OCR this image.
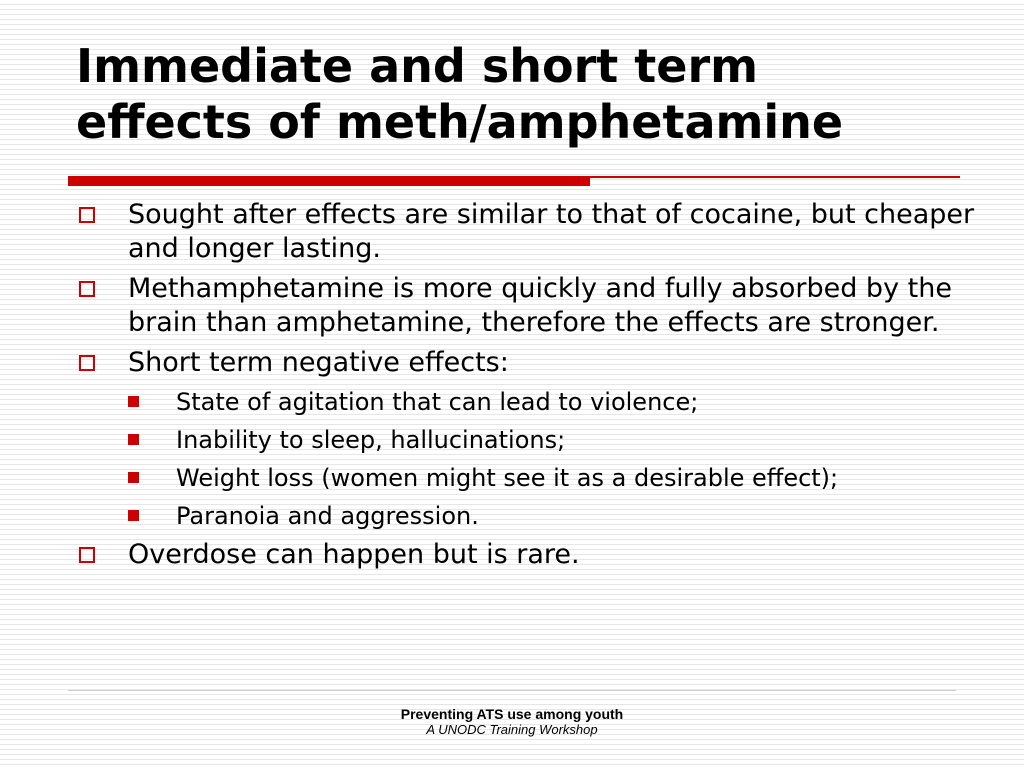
Immediate and short term
effects of meth/amphetamine
Sought after effects are similar to that of cocaine, but cheaper and longer lasting.
Methamphetamine is more quickly and fully absorbed by the brain than amphetamine, therefore the effects are stronger.
Short term negative effects:
State of agitation that can lead to violence;
Inability to sleep, hallucinations;
Weight loss (women might see it as a desirable effect);
Paranoia and aggression.
Overdose can happen but is rare.
Preventing ATS use among youth
A UNODC Training Workshop
